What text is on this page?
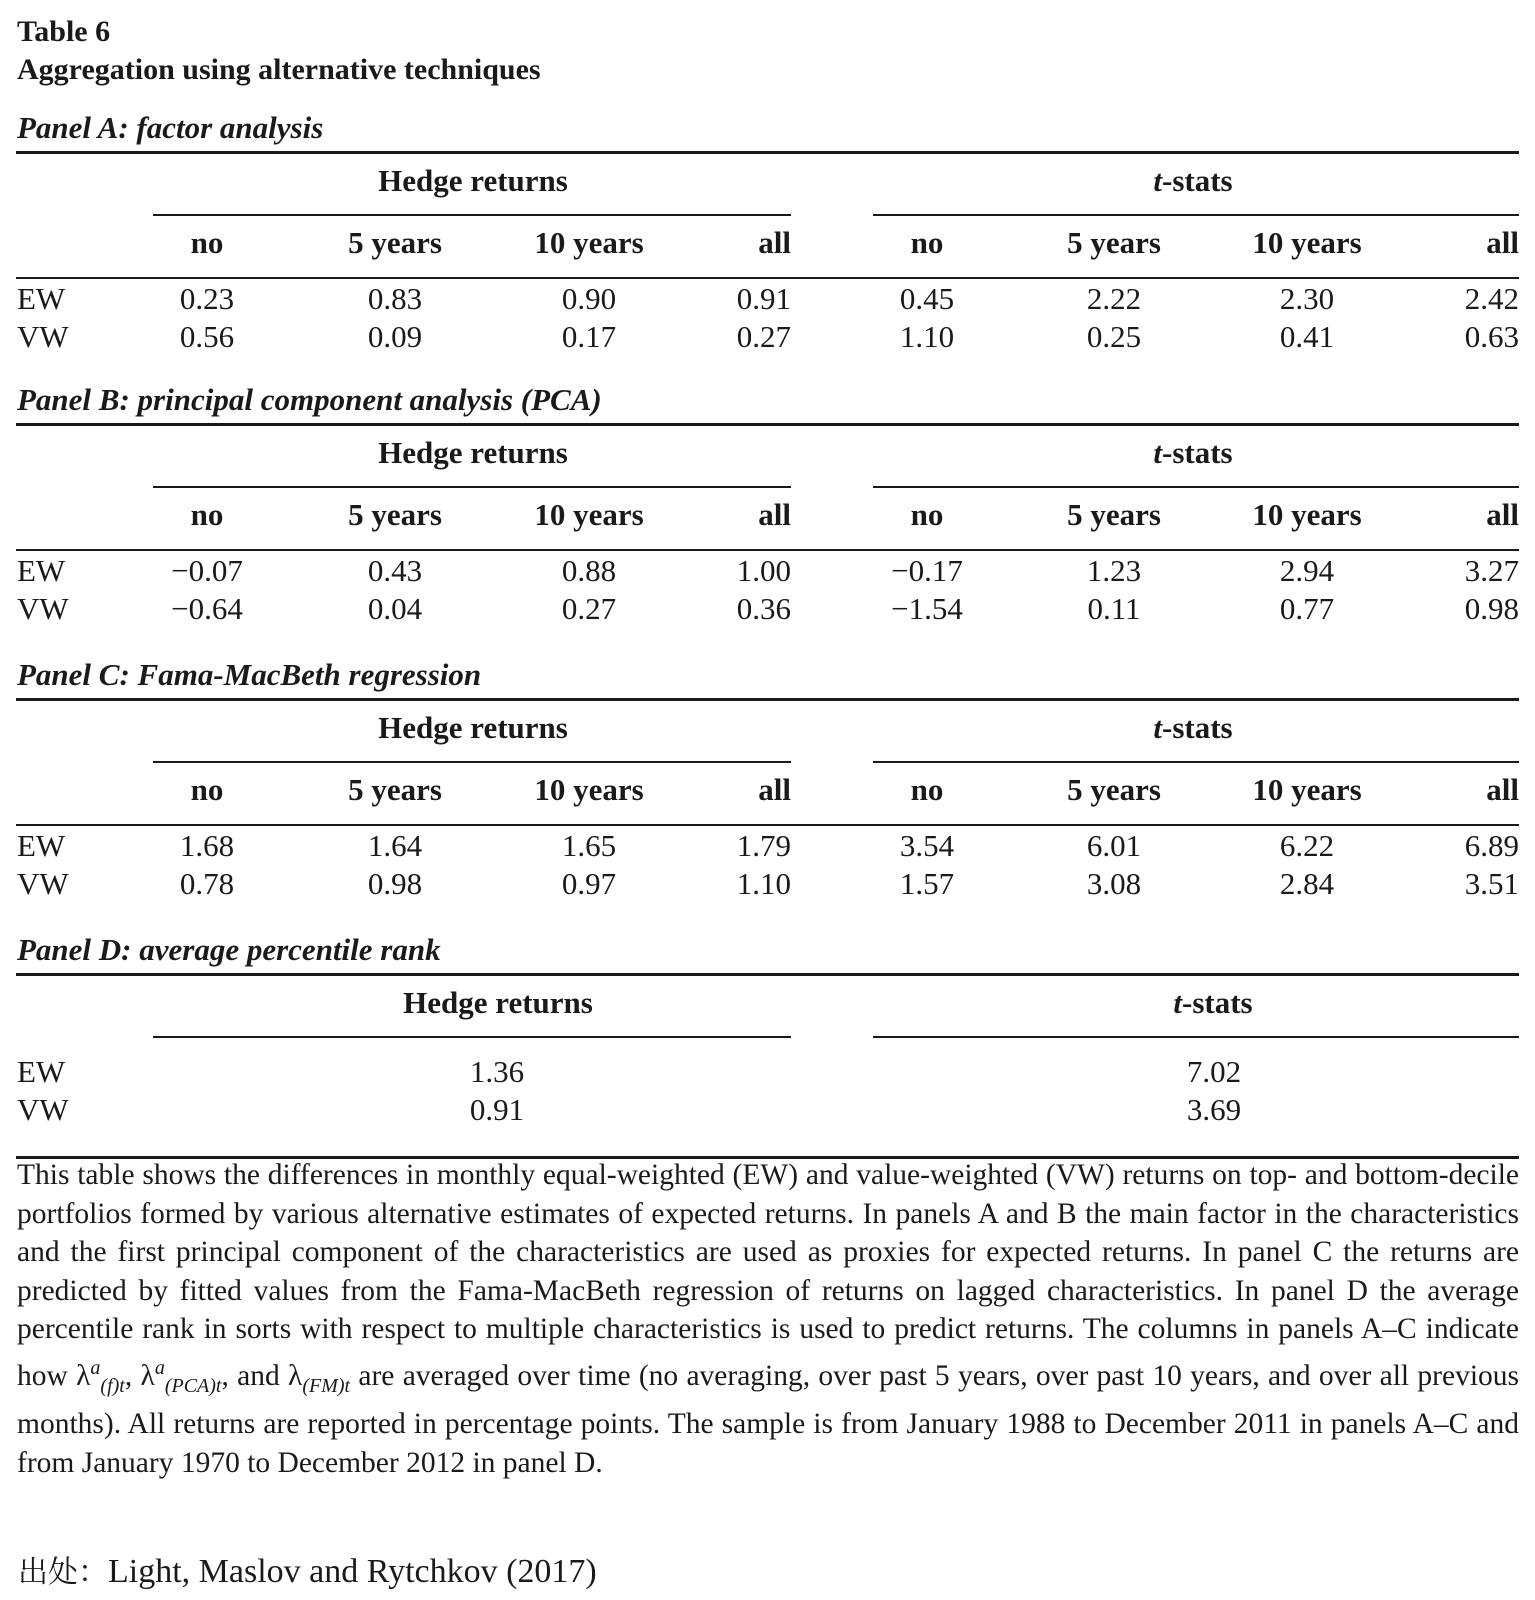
Table 6
Aggregation using alternative techniques
Panel A: factor analysis
Hedge returns	t-stats
no	5 years	10 years	all	no	5 years	10 years	all
EW	0.23	0.83	0.90	0.91	0.45	2.22	2.30	2.42
VW	0.56	0.09	0.17	0.27	1.10	0.25	0.41	0.63
Panel B: principal component analysis (PCA)
Hedge returns	t-stats
no	5 years	10 years	all	no	5 years	10 years	all
EW	−0.07	0.43	0.88	1.00	−0.17	1.23	2.94	3.27
VW	−0.64	0.04	0.27	0.36	−1.54	0.11	0.77	0.98
Panel C: Fama-MacBeth regression
Hedge returns	t-stats
no	5 years	10 years	all	no	5 years	10 years	all
EW	1.68	1.64	1.65	1.79	3.54	6.01	6.22	6.89
VW	0.78	0.98	0.97	1.10	1.57	3.08	2.84	3.51
Panel D: average percentile rank
Hedge returns	t-stats
EW	1.36	7.02
VW	0.91	3.69
This table shows the differences in monthly equal-weighted (EW) and value-weighted (VW) returns on top- and bottom-decile portfolios formed by various alternative estimates of expected returns. In panels A and B the main factor in the characteristics and the first principal component of the characteristics are used as proxies for expected returns. In panel C the returns are predicted by fitted values from the Fama-MacBeth regression of returns on lagged characteristics. In panel D the average percentile rank in sorts with respect to multiple characteristics is used to predict returns. The columns in panels A–C indicate how $\lambda^a_{(f)t}$, $\lambda^a_{(PCA)t}$, and $\lambda_{(FM)t}$ are averaged over time (no averaging, over past 5 years, over past 10 years, and over all previous months). All returns are reported in percentage points. The sample is from January 1988 to December 2011 in panels A–C and from January 1970 to December 2012 in panel D.
出处：Light, Maslov and Rytchkov (2017)
